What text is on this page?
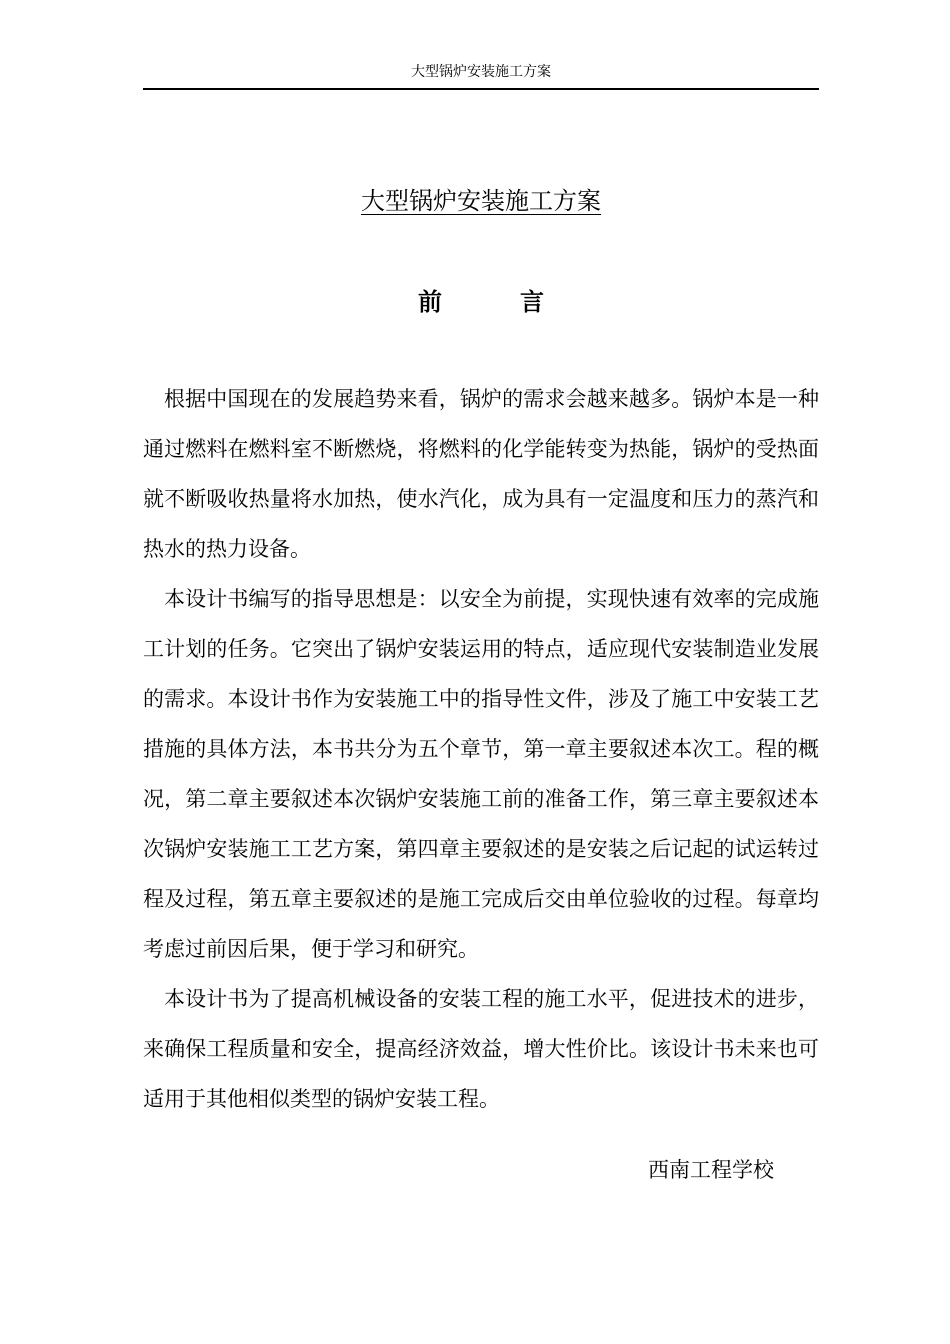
大型锅炉安装施工方案
大型锅炉安装施工方案
前言

根据中国现在的发展趋势来看，锅炉的需求会越来越多。锅炉本是一种通过燃料在燃料室不断燃烧，将燃料的化学能转变为热能，锅炉的受热面就不断吸收热量将水加热，使水汽化，成为具有一定温度和压力的蒸汽和热水的热力设备。

本设计书编写的指导思想是：以安全为前提，实现快速有效率的完成施工计划的任务。它突出了锅炉安装运用的特点，适应现代安装制造业发展的需求。本设计书作为安装施工中的指导性文件，涉及了施工中安装工艺措施的具体方法，本书共分为五个章节，第一章主要叙述本次工。程的概况，第二章主要叙述本次锅炉安装施工前的准备工作，第三章主要叙述本次锅炉安装施工工艺方案，第四章主要叙述的是安装之后记起的试运转过程及过程，第五章主要叙述的是施工完成后交由单位验收的过程。每章均考虑过前因后果，便于学习和研究。

本设计书为了提高机械设备的安装工程的施工水平，促进技术的进步，来确保工程质量和安全，提高经济效益，增大性价比。该设计书未来也可适用于其他相似类型的锅炉安装工程。

西南工程学校
